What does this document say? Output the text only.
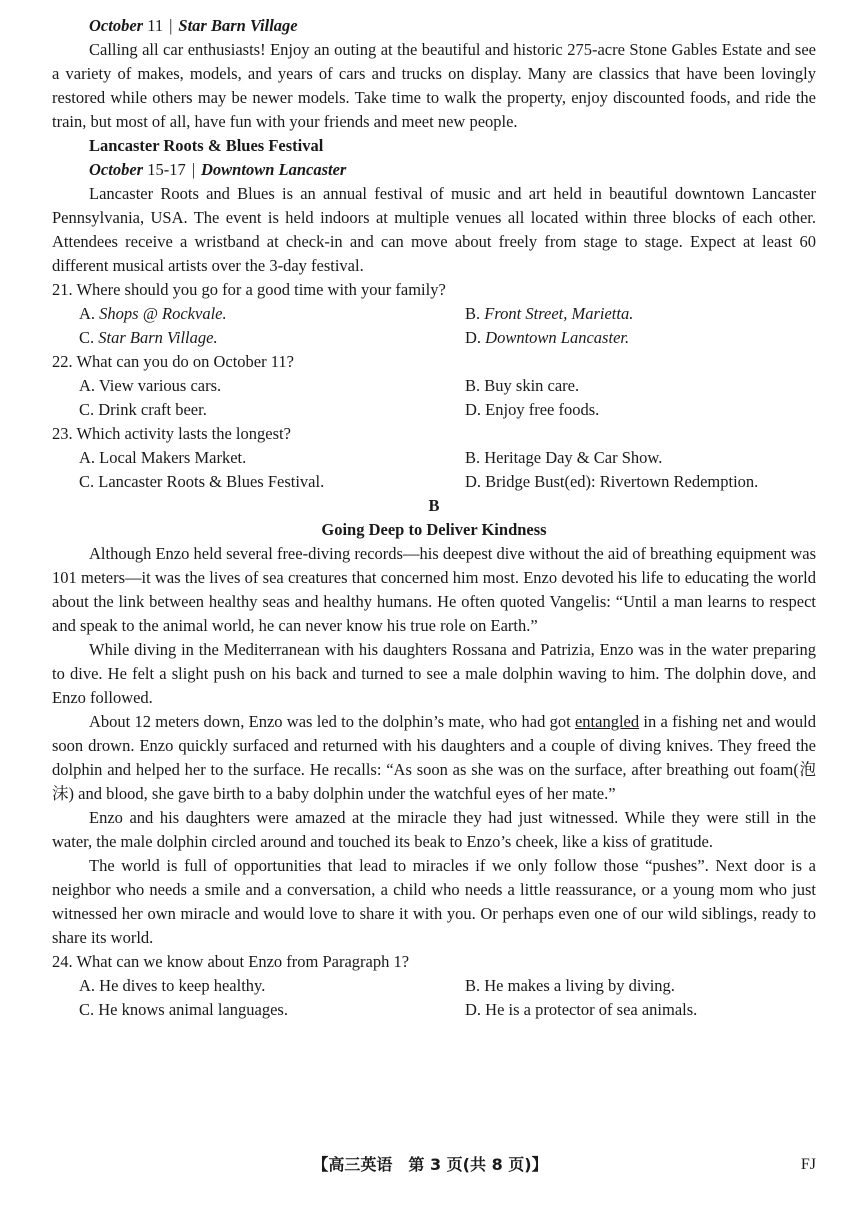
October 11 | Star Barn Village

Calling all car enthusiasts! Enjoy an outing at the beautiful and historic 275-acre Stone Gables Estate and see a variety of makes, models, and years of cars and trucks on display. Many are classics that have been lovingly restored while others may be newer models. Take time to walk the property, enjoy discounted foods, and ride the train, but most of all, have fun with your friends and meet new people.

Lancaster Roots & Blues Festival
October 15-17 | Downtown Lancaster

Lancaster Roots and Blues is an annual festival of music and art held in beautiful downtown Lancaster Pennsylvania, USA. The event is held indoors at multiple venues all located within three blocks of each other. Attendees receive a wristband at check-in and can move about freely from stage to stage. Expect at least 60 different musical artists over the 3-day festival.

21. Where should you go for a good time with your family?
A. Shops @ Rockvale.	B. Front Street, Marietta.
C. Star Barn Village.	D. Downtown Lancaster.
22. What can you do on October 11?
A. View various cars.	B. Buy skin care.
C. Drink craft beer.	D. Enjoy free foods.
23. Which activity lasts the longest?
A. Local Makers Market.	B. Heritage Day & Car Show.
C. Lancaster Roots & Blues Festival.	D. Bridge Bust(ed): Rivertown Redemption.
B
Going Deep to Deliver Kindness

Although Enzo held several free-diving records—his deepest dive without the aid of breathing equipment was 101 meters—it was the lives of sea creatures that concerned him most. Enzo devoted his life to educating the world about the link between healthy seas and healthy humans. He often quoted Vangelis: “Until a man learns to respect and speak to the animal world, he can never know his true role on Earth.”

While diving in the Mediterranean with his daughters Rossana and Patrizia, Enzo was in the water preparing to dive. He felt a slight push on his back and turned to see a male dolphin waving to him. The dolphin dove, and Enzo followed.

About 12 meters down, Enzo was led to the dolphin’s mate, who had got entangled in a fishing net and would soon drown. Enzo quickly surfaced and returned with his daughters and a couple of diving knives. They freed the dolphin and helped her to the surface. He recalls: “As soon as she was on the surface, after breathing out foam(泡沫) and blood, she gave birth to a baby dolphin under the watchful eyes of her mate.”

Enzo and his daughters were amazed at the miracle they had just witnessed. While they were still in the water, the male dolphin circled around and touched its beak to Enzo’s cheek, like a kiss of gratitude.

The world is full of opportunities that lead to miracles if we only follow those “pushes”. Next door is a neighbor who needs a smile and a conversation, a child who needs a little reassurance, or a young mom who just witnessed her own miracle and would love to share it with you. Or perhaps even one of our wild siblings, ready to share its world.

24. What can we know about Enzo from Paragraph 1?
A. He dives to keep healthy.	B. He makes a living by diving.
C. He knows animal languages.	D. He is a protector of sea animals.
【高三英语　第 3 页(共 8 页)】	FJ
